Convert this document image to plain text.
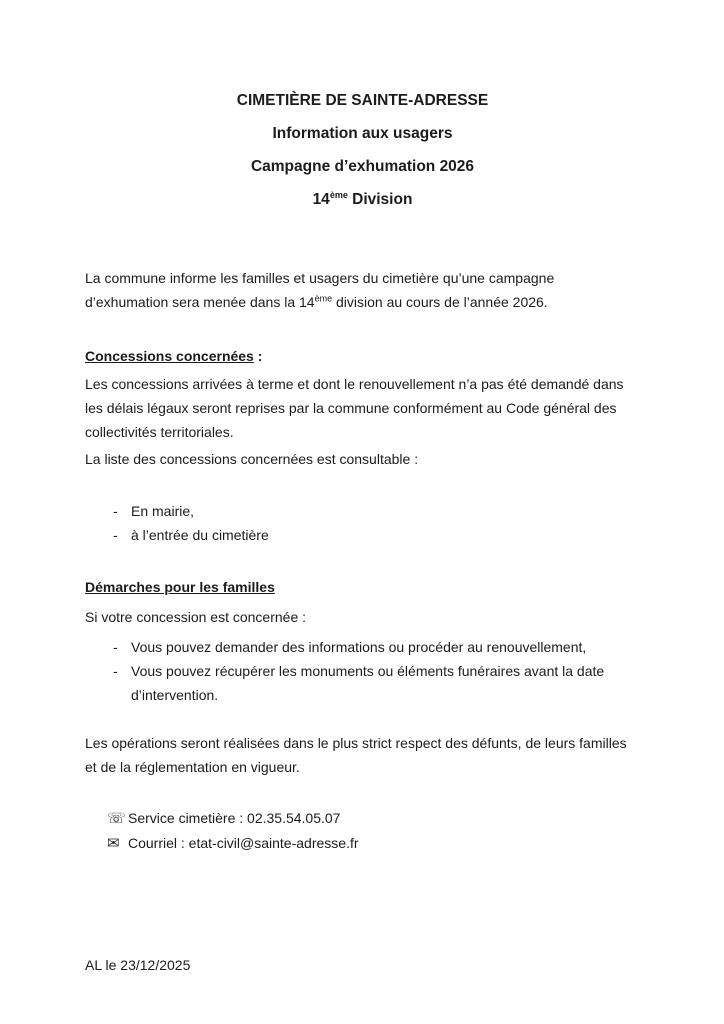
CIMETIÈRE DE SAINTE-ADRESSE

Information aux usagers

Campagne d’exhumation 2026

14ème Division

La commune informe les familles et usagers du cimetière qu’une campagne d’exhumation sera menée dans la 14ème division au cours de l’année 2026.

Concessions concernées :

Les concessions arrivées à terme et dont le renouvellement n’a pas été demandé dans les délais légaux seront reprises par la commune conformément au Code général des collectivités territoriales.

La liste des concessions concernées est consultable :

- En mairie,
- à l’entrée du cimetière

Démarches pour les familles

Si votre concession est concernée :

- Vous pouvez demander des informations ou procéder au renouvellement,
- Vous pouvez récupérer les monuments ou éléments funéraires avant la date d’intervention.

Les opérations seront réalisées dans le plus strict respect des défunts, de leurs familles et de la réglementation en vigueur.

☏ Service cimetière : 02.35.54.05.07
✉ Courriel : etat-civil@sainte-adresse.fr

AL le 23/12/2025
